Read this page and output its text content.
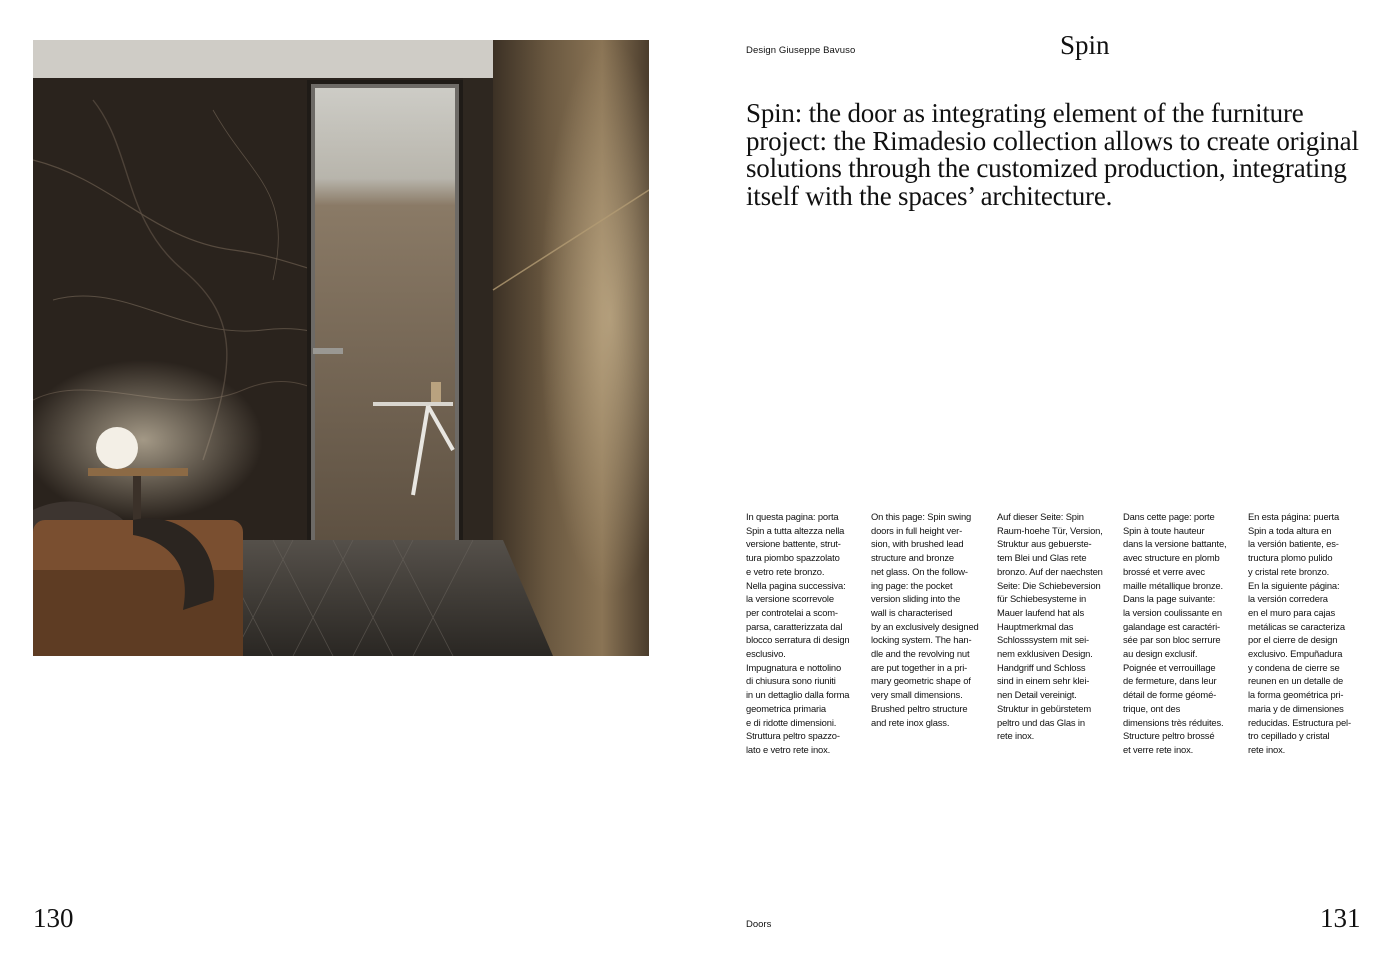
Design Giuseppe Bavuso	Spin

Spin: the door as integrating element of the furniture project: the Rimadesio collection allows to create original solutions through the customized production, integrating itself with the spaces’ architecture.

In questa pagina: porta
Spin a tutta altezza nella
versione battente, strut-
tura piombo spazzolato
e vetro rete bronzo.
Nella pagina successiva:
la versione scorrevole
per controtelai a scom-
parsa, caratterizzata dal
blocco serratura di design
esclusivo.
Impugnatura e nottolino
di chiusura sono riuniti
in un dettaglio dalla forma
geometrica primaria
e di ridotte dimensioni.
Struttura peltro spazzo-
lato e vetro rete inox.
On this page: Spin swing
doors in full height ver-
sion, with brushed lead
structure and bronze
net glass. On the follow-
ing page: the pocket
version sliding into the
wall is characterised
by an exclusively designed
locking system. The han-
dle and the revolving nut
are put together in a pri-
mary geometric shape of
very small dimensions.
Brushed peltro structure
and rete inox glass.
Auf dieser Seite: Spin
Raum-hoehe Tür, Version,
Struktur aus gebuerste-
tem Blei und Glas rete
bronzo. Auf der naechsten
Seite: Die Schiebeversion
für Schiebesysteme in
Mauer laufend hat als
Hauptmerkmal das
Schlosssystem mit sei-
nem exklusiven Design.
Handgriff und Schloss
sind in einem sehr klei-
nen Detail vereinigt.
Struktur in gebürstetem
peltro und das Glas in
rete inox.
Dans cette page: porte
Spin à toute hauteur
dans la versione battante,
avec structure en plomb
brossé et verre avec
maille métallique bronze.
Dans la page suivante:
la version coulissante en
galandage est caractéri-
sée par son bloc serrure
au design exclusif.
Poignée et verrouillage
de fermeture, dans leur
détail de forme géomé-
trique, ont des
dimensions très réduites.
Structure peltro brossé
et verre rete inox.
En esta página: puerta
Spin a toda altura en
la versión batiente, es-
tructura plomo pulido
y cristal rete bronzo.
En la siguiente página:
la versión corredera
en el muro para cajas
metálicas se caracteriza
por el cierre de design
exclusivo. Empuñadura
y condena de cierre se
reunen en un detalle de
la forma geométrica pri-
maria y de dimensiones
reducidas. Estructura pel-
tro cepillado y cristal
rete inox.
130	Doors	131
